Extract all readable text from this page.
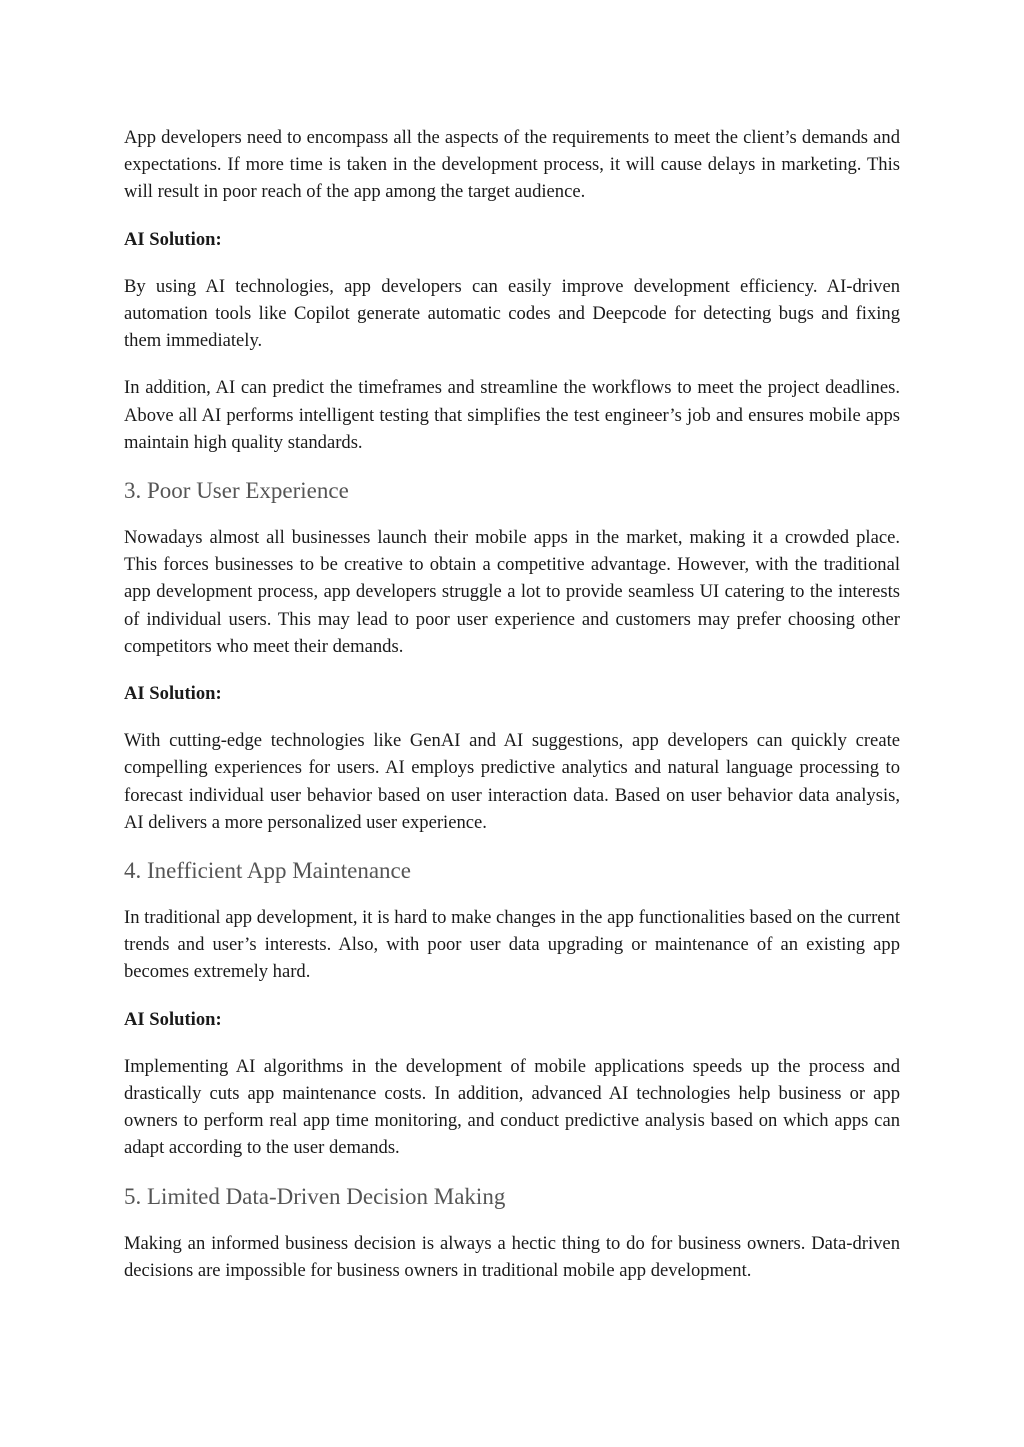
App developers need to encompass all the aspects of the requirements to meet the client’s demands and expectations. If more time is taken in the development process, it will cause delays in marketing. This will result in poor reach of the app among the target audience.

AI Solution:

By using AI technologies, app developers can easily improve development efficiency. AI-driven automation tools like Copilot generate automatic codes and Deepcode for detecting bugs and fixing them immediately.

In addition, AI can predict the timeframes and streamline the workflows to meet the project deadlines. Above all AI performs intelligent testing that simplifies the test engineer’s job and ensures mobile apps maintain high quality standards.

3. Poor User Experience

Nowadays almost all businesses launch their mobile apps in the market, making it a crowded place. This forces businesses to be creative to obtain a competitive advantage. However, with the traditional app development process, app developers struggle a lot to provide seamless UI catering to the interests of individual users. This may lead to poor user experience and customers may prefer choosing other competitors who meet their demands.

AI Solution:

With cutting-edge technologies like GenAI and AI suggestions, app developers can quickly create compelling experiences for users. AI employs predictive analytics and natural language processing to forecast individual user behavior based on user interaction data. Based on user behavior data analysis, AI delivers a more personalized user experience.

4. Inefficient App Maintenance

In traditional app development, it is hard to make changes in the app functionalities based on the current trends and user’s interests. Also, with poor user data upgrading or maintenance of an existing app becomes extremely hard.

AI Solution:

Implementing AI algorithms in the development of mobile applications speeds up the process and drastically cuts app maintenance costs. In addition, advanced AI technologies help business or app owners to perform real app time monitoring, and conduct predictive analysis based on which apps can adapt according to the user demands.

5. Limited Data-Driven Decision Making

Making an informed business decision is always a hectic thing to do for business owners. Data-driven decisions are impossible for business owners in traditional mobile app development.
